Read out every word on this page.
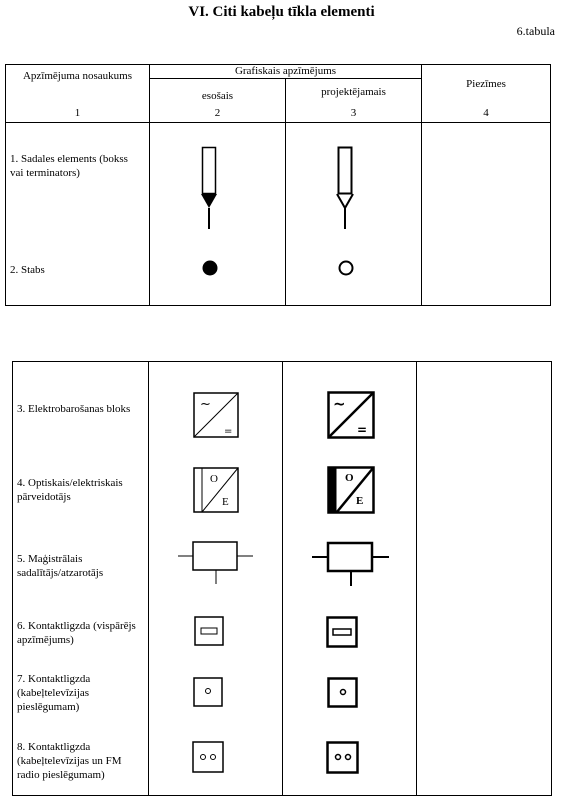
VI. Citi kabeļu tīkla elementi
6.tabula
Apzīmējuma nosaukums
1
Grafiskais apzīmējums
esošais
2
projektējamais
3
Piezīmes
4
1. Sadales elements (bokss vai terminators)
2. Stabs
3. Elektrobarošanas bloks	~
=
~
=
4. Optiskais/elektriskais pārveidotājs
O
E
O
E
5. Maģistrālais sadalītājs/atzarotājs
6. Kontaktligzda (vispārējs apzīmējums)
7. Kontaktligzda (kabeļtelevīzijas pieslēgumam)
8. Kontaktligzda (kabeļtelevīzijas un FM radio pieslēgumam)
